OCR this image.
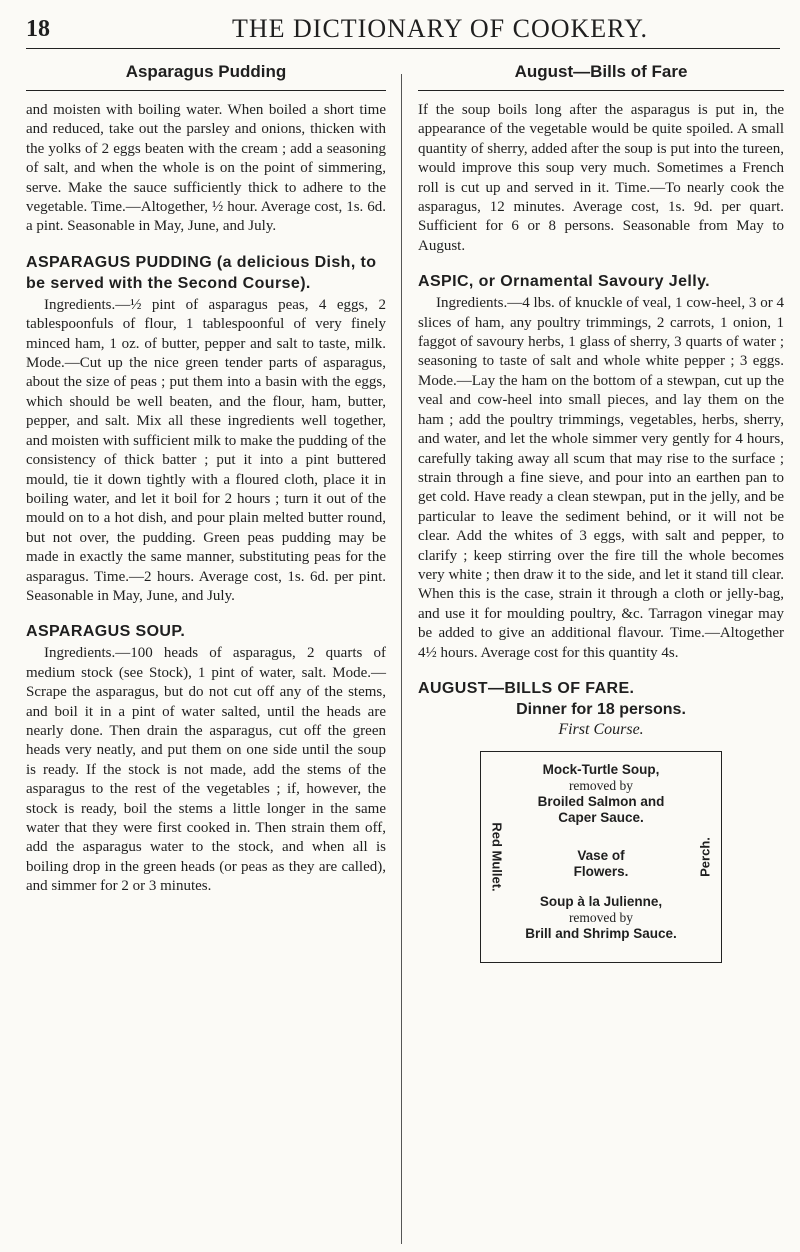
18	THE DICTIONARY OF COOKERY.
Asparagus Pudding

and moisten with boiling water. When boiled a short time and reduced, take out the parsley and onions, thicken with the yolks of 2 eggs beaten with the cream ; add a seasoning of salt, and when the whole is on the point of simmering, serve. Make the sauce sufficiently thick to adhere to the vegetable. Time.—Altogether, ½ hour. Average cost, 1s. 6d. a pint. Seasonable in May, June, and July.

ASPARAGUS PUDDING (a delicious Dish, to be served with the Second Course).

Ingredients.—½ pint of asparagus peas, 4 eggs, 2 tablespoonfuls of flour, 1 tablespoonful of very finely minced ham, 1 oz. of butter, pepper and salt to taste, milk. Mode.—Cut up the nice green tender parts of asparagus, about the size of peas ; put them into a basin with the eggs, which should be well beaten, and the flour, ham, butter, pepper, and salt. Mix all these ingredients well together, and moisten with sufficient milk to make the pudding of the consistency of thick batter ; put it into a pint buttered mould, tie it down tightly with a floured cloth, place it in boiling water, and let it boil for 2 hours ; turn it out of the mould on to a hot dish, and pour plain melted butter round, but not over, the pudding. Green peas pudding may be made in exactly the same manner, substituting peas for the asparagus. Time.—2 hours. Average cost, 1s. 6d. per pint. Seasonable in May, June, and July.

ASPARAGUS SOUP.

Ingredients.—100 heads of asparagus, 2 quarts of medium stock (see Stock), 1 pint of water, salt. Mode.—Scrape the asparagus, but do not cut off any of the stems, and boil it in a pint of water salted, until the heads are nearly done. Then drain the asparagus, cut off the green heads very neatly, and put them on one side until the soup is ready. If the stock is not made, add the stems of the asparagus to the rest of the vegetables ; if, however, the stock is ready, boil the stems a little longer in the same water that they were first cooked in. Then strain them off, add the asparagus water to the stock, and when all is boiling drop in the green heads (or peas as they are called), and simmer for 2 or 3 minutes.

August—Bills of Fare

If the soup boils long after the asparagus is put in, the appearance of the vegetable would be quite spoiled. A small quantity of sherry, added after the soup is put into the tureen, would improve this soup very much. Sometimes a French roll is cut up and served in it. Time.—To nearly cook the asparagus, 12 minutes. Average cost, 1s. 9d. per quart. Sufficient for 6 or 8 persons. Seasonable from May to August.

ASPIC, or Ornamental Savoury Jelly.

Ingredients.—4 lbs. of knuckle of veal, 1 cow-heel, 3 or 4 slices of ham, any poultry trimmings, 2 carrots, 1 onion, 1 faggot of savoury herbs, 1 glass of sherry, 3 quarts of water ; seasoning to taste of salt and whole white pepper ; 3 eggs. Mode.—Lay the ham on the bottom of a stewpan, cut up the veal and cow-heel into small pieces, and lay them on the ham ; add the poultry trimmings, vegetables, herbs, sherry, and water, and let the whole simmer very gently for 4 hours, carefully taking away all scum that may rise to the surface ; strain through a fine sieve, and pour into an earthen pan to get cold. Have ready a clean stewpan, put in the jelly, and be particular to leave the sediment behind, or it will not be clear. Add the whites of 3 eggs, with salt and pepper, to clarify ; keep stirring over the fire till the whole becomes very white ; then draw it to the side, and let it stand till clear. When this is the case, strain it through a cloth or jelly-bag, and use it for moulding poultry, &c. Tarragon vinegar may be added to give an additional flavour. Time.—Altogether 4½ hours. Average cost for this quantity 4s.

AUGUST—BILLS OF FARE.
Dinner for 18 persons.
First Course.
Mock-Turtle Soup,
removed by
Broiled Salmon and
Caper Sauce.
Vase of Flowers.
Soup à la Julienne,
removed by
Brill and Shrimp Sauce.
Red Mullet.	Perch.
